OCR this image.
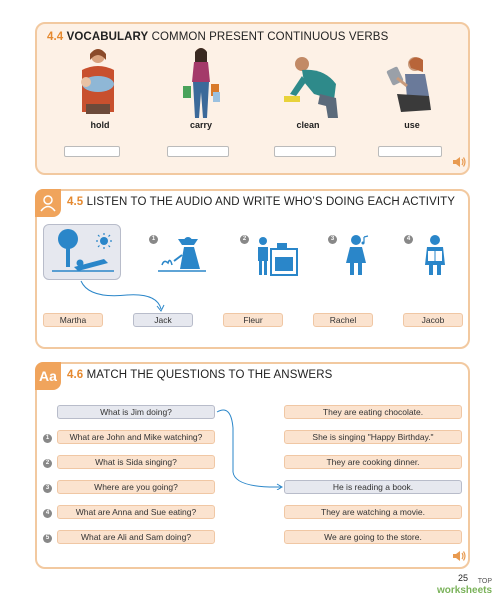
4.4 VOCABULARY COMMON PRESENT CONTINUOUS VERBS
hold	carry	clean	use
4.5 LISTEN TO THE AUDIO AND WRITE WHO’S DOING EACH ACTIVITY
1	2	3	4
Martha	Jack	Fleur	Rachel	Jacob
Aa 4.6 MATCH THE QUESTIONS TO THE ANSWERS
1
2
3
4
5
What is Jim doing?
What are John and Mike watching?
What is Sida singing?
Where are you going?
What are Anna and Sue eating?
What are Ali and Sam doing?
They are eating chocolate.
She is singing "Happy Birthday."
They are cooking dinner.
He is reading a book.
They are watching a movie.
We are going to the store.
25	TOP
worksheets
